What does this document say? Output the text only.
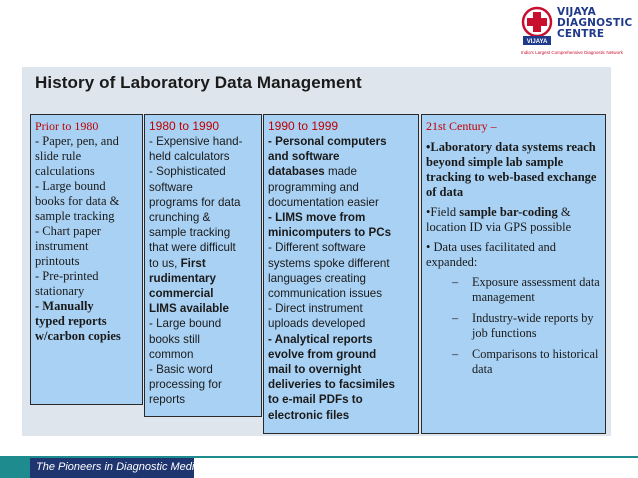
VIJAYA
VIJAYA
DIAGNOSTIC
CENTRE
India's Largest Comprehensive Diagnostic Network
History of Laboratory Data Management
Prior to 1980
- Paper, pen, and
slide rule
calculations
- Large bound
books for data &
sample tracking
- Chart paper
instrument
printouts
- Pre-printed
stationary
- Manually
typed reports
w/carbon copies
1980 to 1990
- Expensive hand-
held calculators
- Sophisticated
software
programs for data
crunching &
sample tracking
that were difficult
to us, First
rudimentary
commercial
LIMS available
- Large bound
books still
common
- Basic word
processing for
reports
1990 to 1999
- Personal computers
and software
databases made
programming and
documentation easier
- LIMS move from
minicomputers to PCs
- Different software
systems spoke different
languages creating
communication issues
- Direct instrument
uploads developed
- Analytical reports
evolve from ground
mail to overnight
deliveries to facsimiles
to e-mail PDFs to
electronic files
21st Century –
•Laboratory data systems reach beyond simple lab sample tracking to web-based exchange of data
•Field sample bar-coding & location ID via GPS possible
• Data uses facilitated and expanded:
– Exposure assessment data management
– Industry-wide reports by job functions
– Comparisons to historical data
The Pioneers in Diagnostic Medicare
